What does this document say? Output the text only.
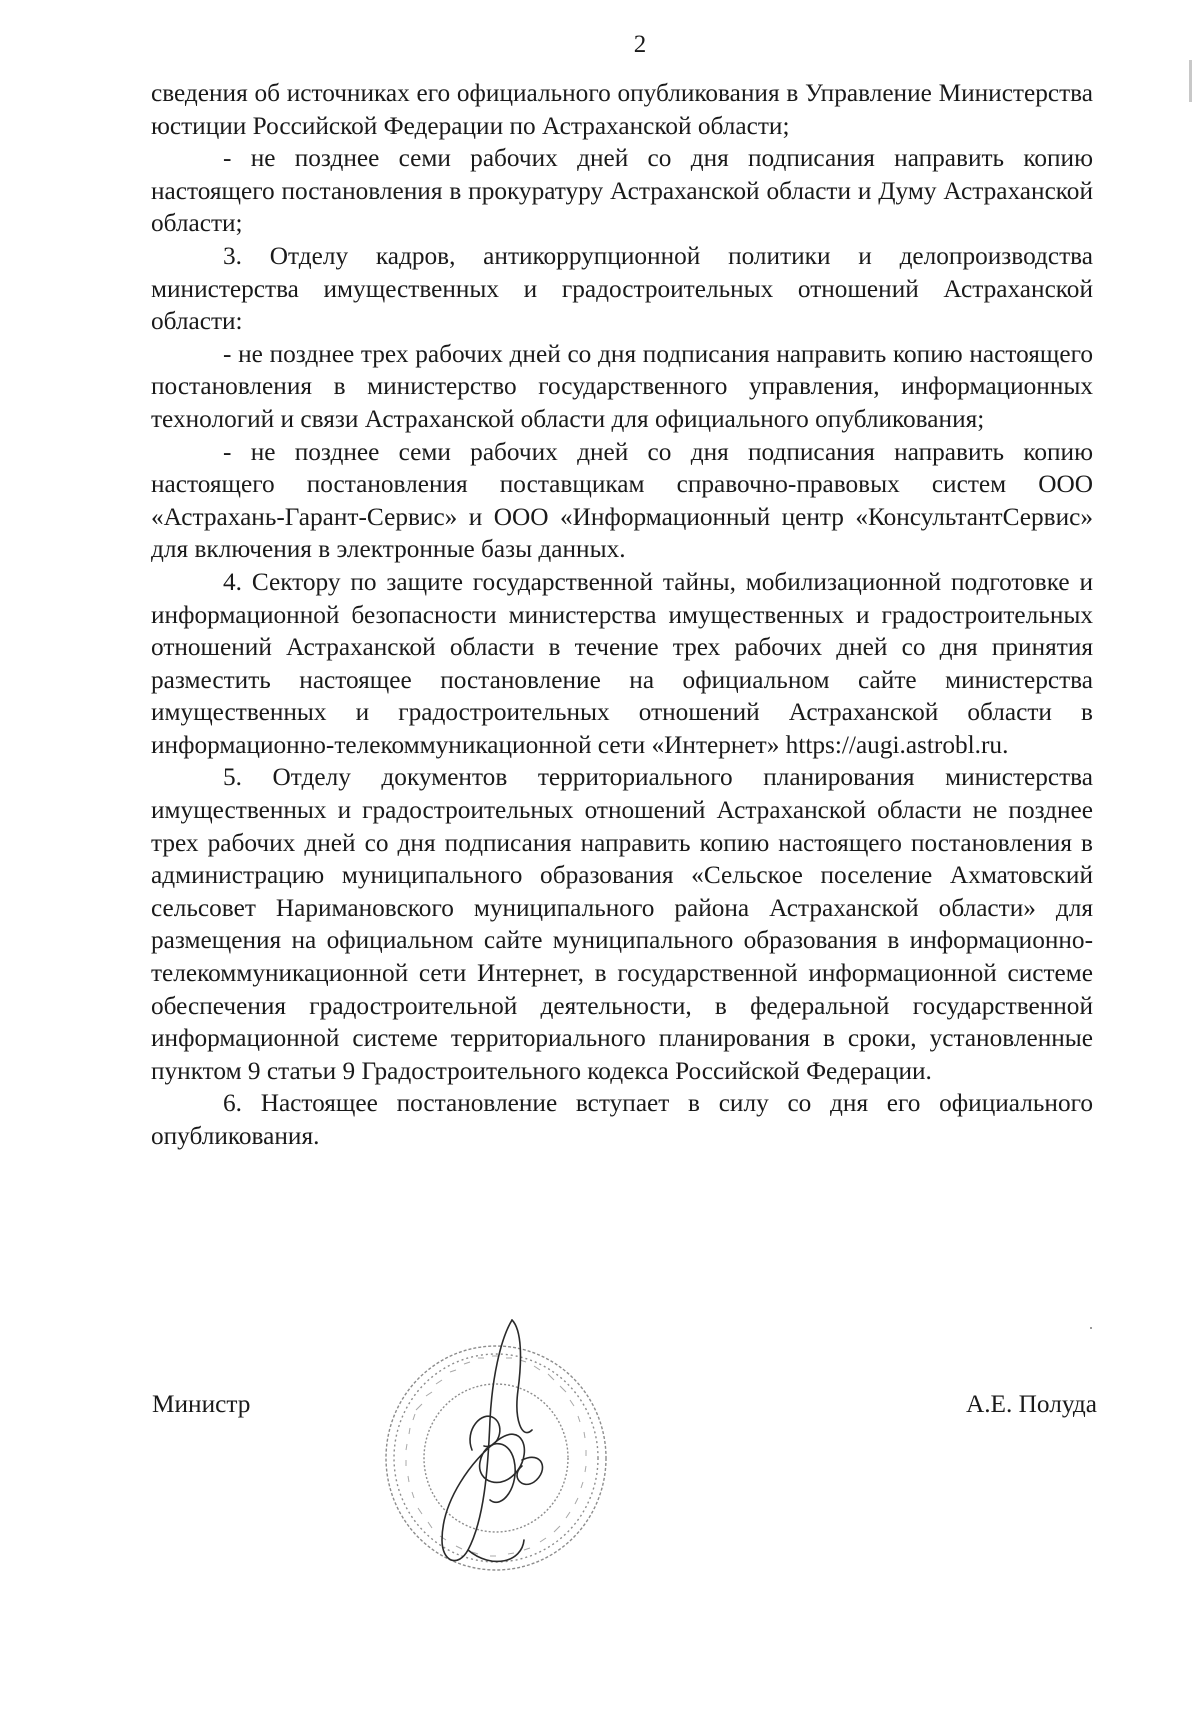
2

сведения об источниках его официального опубликования в Управление Министерства юстиции Российской Федерации по Астраханской области;

- не позднее семи рабочих дней со дня подписания направить копию настоящего постановления в прокуратуру Астраханской области и Думу Астраханской области;

3. Отделу кадров, антикоррупционной политики и делопроизводства министерства имущественных и градостроительных отношений Астраханской области:

- не позднее трех рабочих дней со дня подписания направить копию настоящего постановления в министерство государственного управления, информационных технологий и связи Астраханской области для официального опубликования;

- не позднее семи рабочих дней со дня подписания направить копию настоящего постановления поставщикам справочно-правовых систем ООО «Астрахань-Гарант-Сервис» и ООО «Информационный центр «КонсультантСервис» для включения в электронные базы данных.

4. Сектору по защите государственной тайны, мобилизационной подготовке и информационной безопасности министерства имущественных и градостроительных отношений Астраханской области в течение трех рабочих дней со дня принятия разместить настоящее постановление на официальном сайте министерства имущественных и градостроительных отношений Астраханской области в информационно-телекоммуникационной сети «Интернет» https://augi.astrobl.ru.

5. Отделу документов территориального планирования министерства имущественных и градостроительных отношений Астраханской области не позднее трех рабочих дней со дня подписания направить копию настоящего постановления в администрацию муниципального образования «Сельское поселение Ахматовский сельсовет Наримановского муниципального района Астраханской области» для размещения на официальном сайте муниципального образования в информационно-телекоммуникационной сети Интернет, в государственной информационной системе обеспечения градостроительной деятельности, в федеральной государственной информационной системе территориального планирования в сроки, установленные пунктом 9 статьи 9 Градостроительного кодекса Российской Федерации.

6. Настоящее постановление вступает в силу со дня его официального опубликования.

Министр	А.Е. Полуда
